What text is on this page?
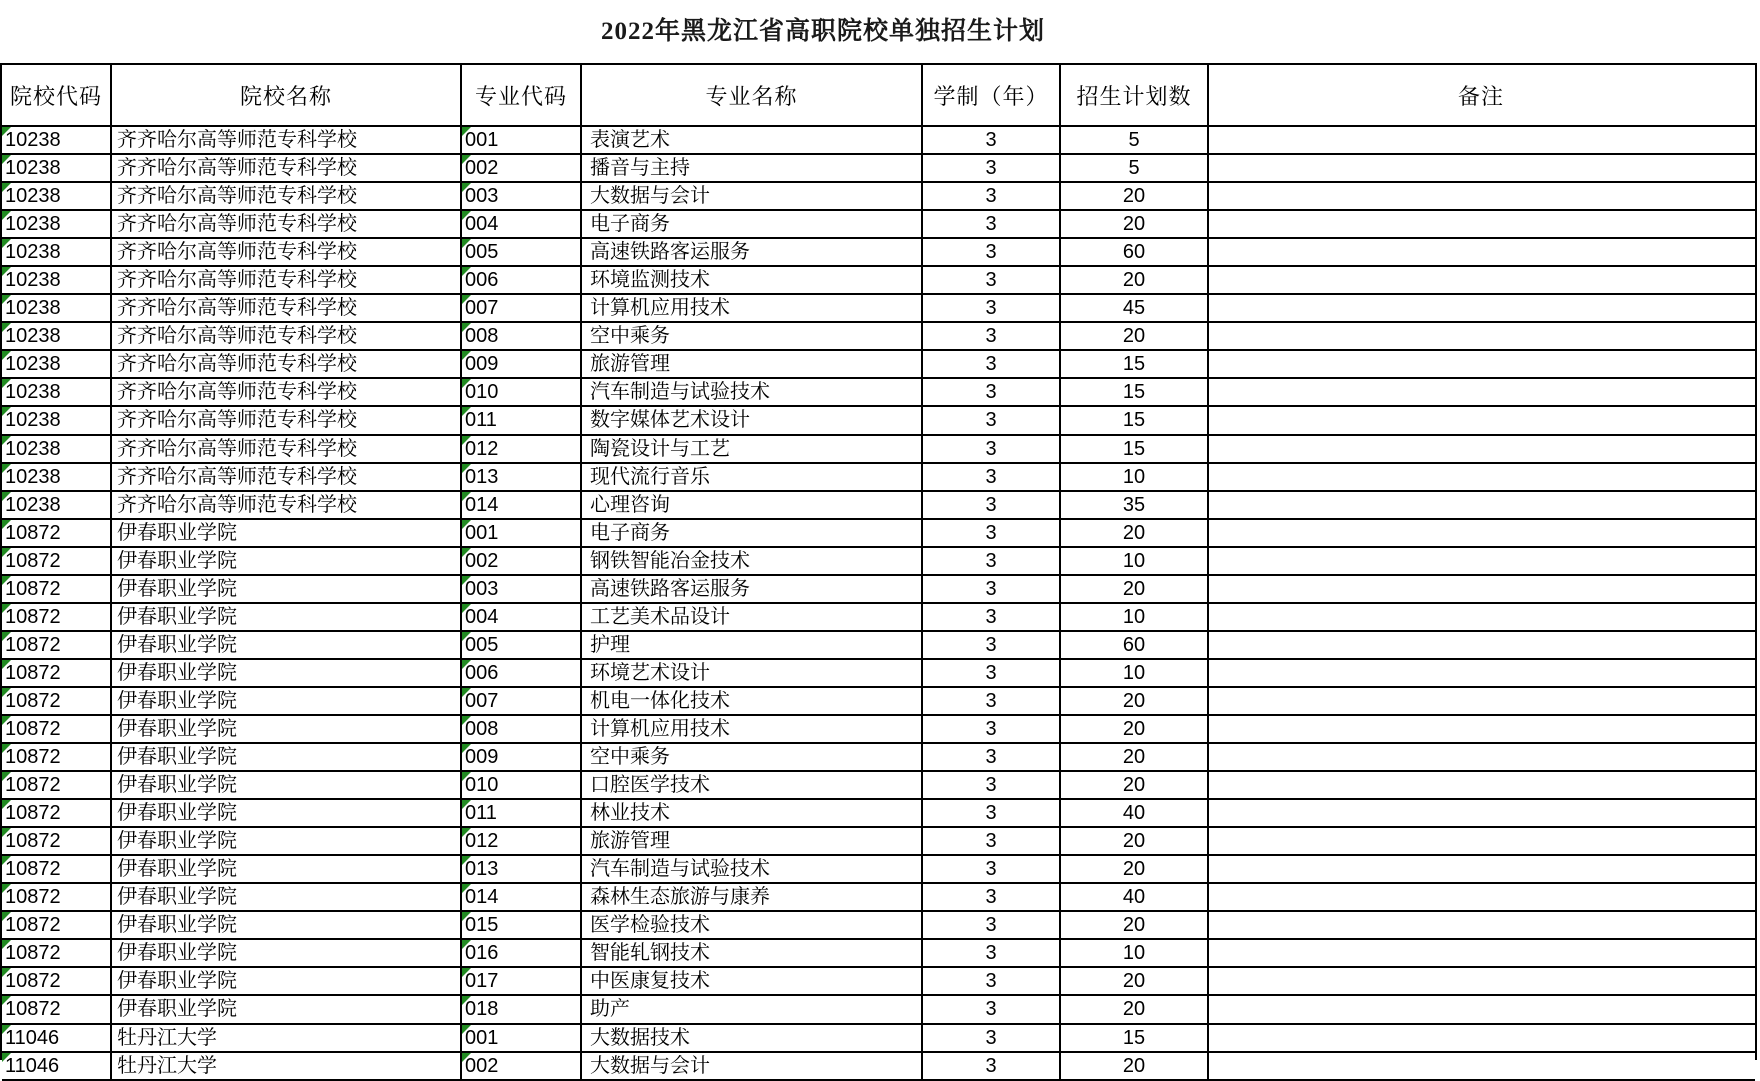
2022年黑龙江省高职院校单独招生计划
院校代码	院校名称	专业代码	专业名称	学制（年）	招生计划数	备注
10238	齐齐哈尔高等师范专科学校	001	表演艺术	3	5
10238	齐齐哈尔高等师范专科学校	002	播音与主持	3	5
10238	齐齐哈尔高等师范专科学校	003	大数据与会计	3	20
10238	齐齐哈尔高等师范专科学校	004	电子商务	3	20
10238	齐齐哈尔高等师范专科学校	005	高速铁路客运服务	3	60
10238	齐齐哈尔高等师范专科学校	006	环境监测技术	3	20
10238	齐齐哈尔高等师范专科学校	007	计算机应用技术	3	45
10238	齐齐哈尔高等师范专科学校	008	空中乘务	3	20
10238	齐齐哈尔高等师范专科学校	009	旅游管理	3	15
10238	齐齐哈尔高等师范专科学校	010	汽车制造与试验技术	3	15
10238	齐齐哈尔高等师范专科学校	011	数字媒体艺术设计	3	15
10238	齐齐哈尔高等师范专科学校	012	陶瓷设计与工艺	3	15
10238	齐齐哈尔高等师范专科学校	013	现代流行音乐	3	10
10238	齐齐哈尔高等师范专科学校	014	心理咨询	3	35
10872	伊春职业学院	001	电子商务	3	20
10872	伊春职业学院	002	钢铁智能冶金技术	3	10
10872	伊春职业学院	003	高速铁路客运服务	3	20
10872	伊春职业学院	004	工艺美术品设计	3	10
10872	伊春职业学院	005	护理	3	60
10872	伊春职业学院	006	环境艺术设计	3	10
10872	伊春职业学院	007	机电一体化技术	3	20
10872	伊春职业学院	008	计算机应用技术	3	20
10872	伊春职业学院	009	空中乘务	3	20
10872	伊春职业学院	010	口腔医学技术	3	20
10872	伊春职业学院	011	林业技术	3	40
10872	伊春职业学院	012	旅游管理	3	20
10872	伊春职业学院	013	汽车制造与试验技术	3	20
10872	伊春职业学院	014	森林生态旅游与康养	3	40
10872	伊春职业学院	015	医学检验技术	3	20
10872	伊春职业学院	016	智能轧钢技术	3	10
10872	伊春职业学院	017	中医康复技术	3	20
10872	伊春职业学院	018	助产	3	20
11046	牡丹江大学	001	大数据技术	3	15
11046	牡丹江大学	002	大数据与会计	3	20
